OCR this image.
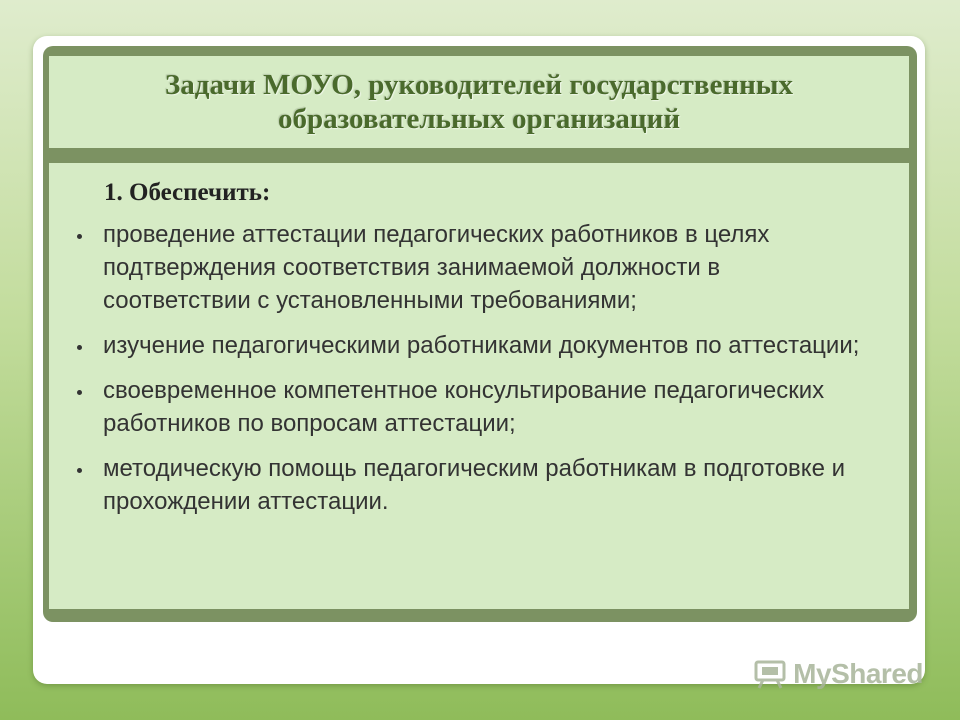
Задачи МОУО, руководителей государственных образовательных организаций

1. Обеспечить:

проведение аттестации педагогических работников в целях подтверждения соответствия занимаемой должности в соответствии с установленными требованиями;
изучение педагогическими работниками документов по аттестации;
своевременное компетентное консультирование педагогических работников по вопросам аттестации;
методическую помощь педагогическим работникам в подготовке и прохождении аттестации.
MyShared
